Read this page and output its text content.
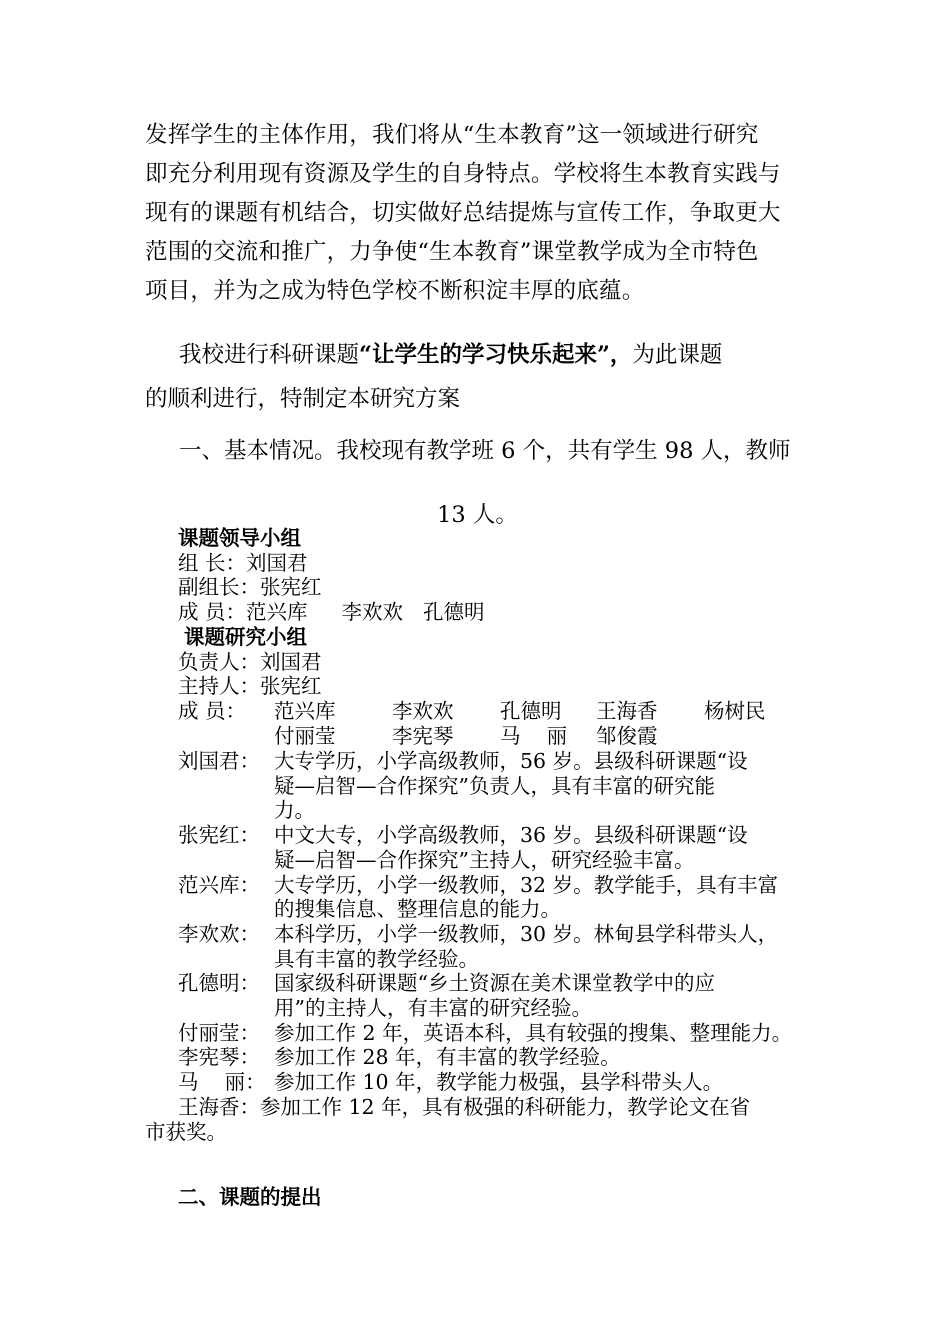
发挥学生的主体作用，我们将从“生本教育”这一领域进行研究
即充分利用现有资源及学生的自身特点。学校将生本教育实践与
现有的课题有机结合，切实做好总结提炼与宣传工作，争取更大
范围的交流和推广，力争使“生本教育”课堂教学成为全市特色
项目，并为之成为特色学校不断积淀丰厚的底蕴。

我校进行科研课题“让学生的学习快乐起来”，为此课题
的顺利进行，特制定本研究方案

一、基本情况。我校现有教学班 6 个，共有学生 98 人，教师
13 人。

课题领导小组
组 长：刘国君
副组长：张宪红
成 员：范兴库 李欢欢 孔德明
课题研究小组
负责人：刘国君
主持人：张宪红
成 员：	范兴库	李欢欢	孔德明	王海香	杨树民
付丽莹	李宪琴	马    丽	邹俊霞
刘国君： 大专学历，小学高级教师，56 岁。县级科研课题“设
疑—启智—合作探究”负责人，具有丰富的研究能
力。
张宪红： 中文大专，小学高级教师，36 岁。县级科研课题“设
疑—启智—合作探究”主持人，研究经验丰富。
范兴库： 大专学历，小学一级教师，32 岁。教学能手，具有丰富
的搜集信息、整理信息的能力。
李欢欢： 本科学历，小学一级教师，30 岁。林甸县学科带头人，
具有丰富的教学经验。
孔德明： 国家级科研课题“乡土资源在美术课堂教学中的应
用”的主持人，有丰富的研究经验。
付丽莹： 参加工作 2 年，英语本科，具有较强的搜集、整理能力。
李宪琴： 参加工作 28 年，有丰富的教学经验。
马    丽： 参加工作 10 年，教学能力极强，县学科带头人。
王海香：参加工作 12 年，具有极强的科研能力，教学论文在省
市获奖。
二、课题的提出
